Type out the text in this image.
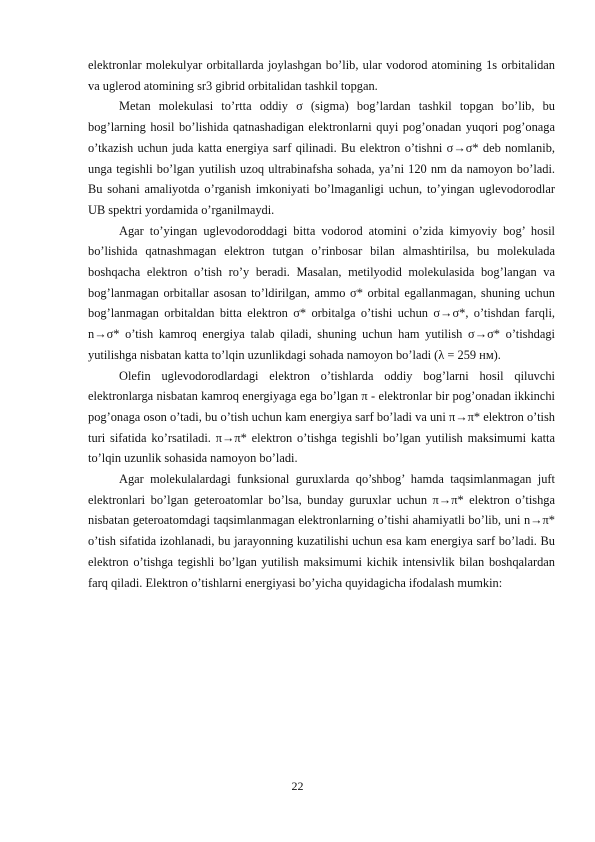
elektronlar molekulyar orbitallarda joylashgan bo’lib, ular vodorod atomining 1s orbitalidan va uglerod atomining sr3 gibrid orbitalidan tashkil topgan.

Metan molekulasi to’rtta oddiy σ (sigma) bog’lardan tashkil topgan bo’lib, bu bog’larning hosil bo’lishida qatnashadigan elektronlarni quyi pog’onadan yuqori pog’onaga o’tkazish uchun juda katta energiya sarf qilinadi. Bu elektron o’tishni σ→σ* deb nomlanib, unga tegishli bo’lgan yutilish uzoq ultrabinafsha sohada, ya’ni 120 nm da namoyon bo’ladi. Bu sohani amaliyotda o’rganish imkoniyati bo’lmaganligi uchun, to’yingan uglevodorodlar UB spektri yordamida o’rganilmaydi.

Agar to’yingan uglevodoroddagi bitta vodorod atomini o’zida kimyoviy bog’ hosil bo’lishida qatnashmagan elektron tutgan o’rinbosar bilan almashtirilsa, bu molekulada boshqacha elektron o’tish ro’y beradi. Masalan, metilyodid molekulasida bog’langan va bog’lanmagan orbitallar asosan to’ldirilgan, ammo σ* orbital egallanmagan, shuning uchun bog’lanmagan orbitaldan bitta elektron σ* orbitalga o’tishi uchun σ→σ*, o’tishdan farqli, n→σ* o’tish kamroq energiya talab qiladi, shuning uchun ham yutilish σ→σ* o’tishdagi yutilishga nisbatan katta to’lqin uzunlikdagi sohada namoyon bo’ladi (λ = 259 нм).

Olefin uglevodorodlardagi elektron o’tishlarda oddiy bog’larni hosil qiluvchi elektronlarga nisbatan kamroq energiyaga ega bo’lgan π - elektronlar bir pog’onadan ikkinchi pog’onaga oson o’tadi, bu o’tish uchun kam energiya sarf bo’ladi va uni π→π* elektron o’tish turi sifatida ko’rsatiladi. π→π* elektron o’tishga tegishli bo’lgan yutilish maksimumi katta to’lqin uzunlik sohasida namoyon bo’ladi.

Agar molekulalardagi funksional guruxlarda qo’shbog’ hamda taqsimlanmagan juft elektronlari bo’lgan geteroatomlar bo’lsa, bunday guruxlar uchun π→π* elektron o’tishga nisbatan geteroatomdagi taqsimlanmagan elektronlarning o’tishi ahamiyatli bo’lib, uni n→π* o’tish sifatida izohlanadi, bu jarayonning kuzatilishi uchun esa kam energiya sarf bo’ladi. Bu elektron o’tishga tegishli bo’lgan yutilish maksimumi kichik intensivlik bilan boshqalardan farq qiladi. Elektron o’tishlarni energiyasi bo’yicha quyidagicha ifodalash mumkin:

22
